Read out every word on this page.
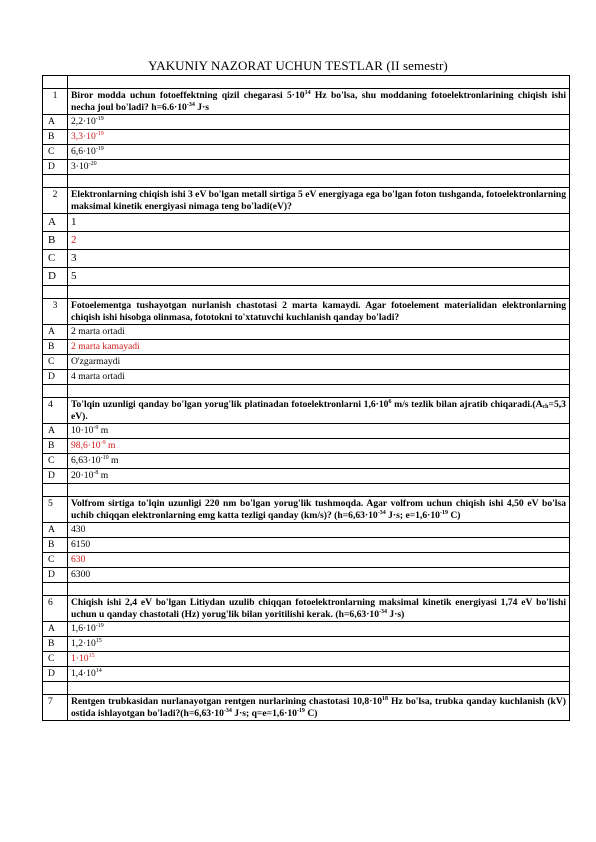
YAKUNIY NAZORAT UCHUN TESTLAR (II semestr)

1	Biror modda uchun fotoeffektning qizil chegarasi $5\cdot 10^{14}$ Hz bo'lsa, shu moddaning fotoelektronlarining chiqish ishi necha joul bo'ladi? $h=6.6\cdot 10^{-34}$ J·s
A	$2,2\cdot 10^{-19}$
B	$3,3\cdot 10^{-19}$
C	$6,6\cdot 10^{-19}$
D	$3\cdot 10^{-20}$

2	Elektronlarning chiqish ishi 3 eV bo'lgan metall sirtiga 5 eV energiyaga ega bo'lgan foton tushganda, fotoelektronlarning maksimal kinetik energiyasi nimaga teng bo'ladi(eV)?
A	1
B	2
C	3
D	5

3	Fotoelementga tushayotgan nurlanish chastotasi 2 marta kamaydi. Agar fotoelement materialidan elektronlarning chiqish ishi hisobga olinmasa, fototokni to'xtatuvchi kuchlanish qanday bo'ladi?
A	2 marta ortadi
B	2 marta kamayadi
C	O'zgarmaydi
D	4 marta ortadi

4	To'lqin uzunligi qanday bo'lgan yorug'lik platinadan fotoelektronlarni $1,6\cdot 10^6$ m/s tezlik bilan ajratib $chiqaradi.(A_{ch}=5,3$ eV).
A	$10\cdot 10^{-9}$ m
B	$98,6\cdot 10^{-9}$ m
C	$6,63\cdot 10^{-10}$ m
D	$20\cdot 10^{-8}$ m

5	Volfrom sirtiga to'lqin uzunligi 220 nm bo'lgan yorug'lik tushmoqda. Agar volfrom uchun chiqish ishi 4,50 eV bo'lsa uchib chiqqan elektronlarning emg katta tezligi qanday (km/s)? ($h=6,63\cdot 10^{-34}$ J·s; $e=1,6\cdot 10^{-19}$ C)
A	430
B	6150
C	630
D	6300

6	Chiqish ishi 2,4 eV bo'lgan Litiydan uzulib chiqqan fotoelektronlarning maksimal kinetik energiyasi 1,74 eV bo'lishi uchun u qanday chastotali (Hz) yorug'lik bilan yoritilishi kerak. ($h=6,63\cdot 10^{-34}$ J·s)
A	$1,6\cdot 10^{-19}$
B	$1,2\cdot 10^{15}$
C	$1\cdot 10^{15}$
D	$1,4\cdot 10^{14}$

7	Rentgen trubkasidan nurlanayotgan rentgen nurlarining chastotasi $10,8\cdot 10^{18}$ Hz bo'lsa, trubka qanday kuchlanish (kV) ostida ishlayotgan $bo'ladi?(h=6,63\cdot 10^{-34}$ J·s; $q=e=1,6\cdot 10^{-19}$ C)
